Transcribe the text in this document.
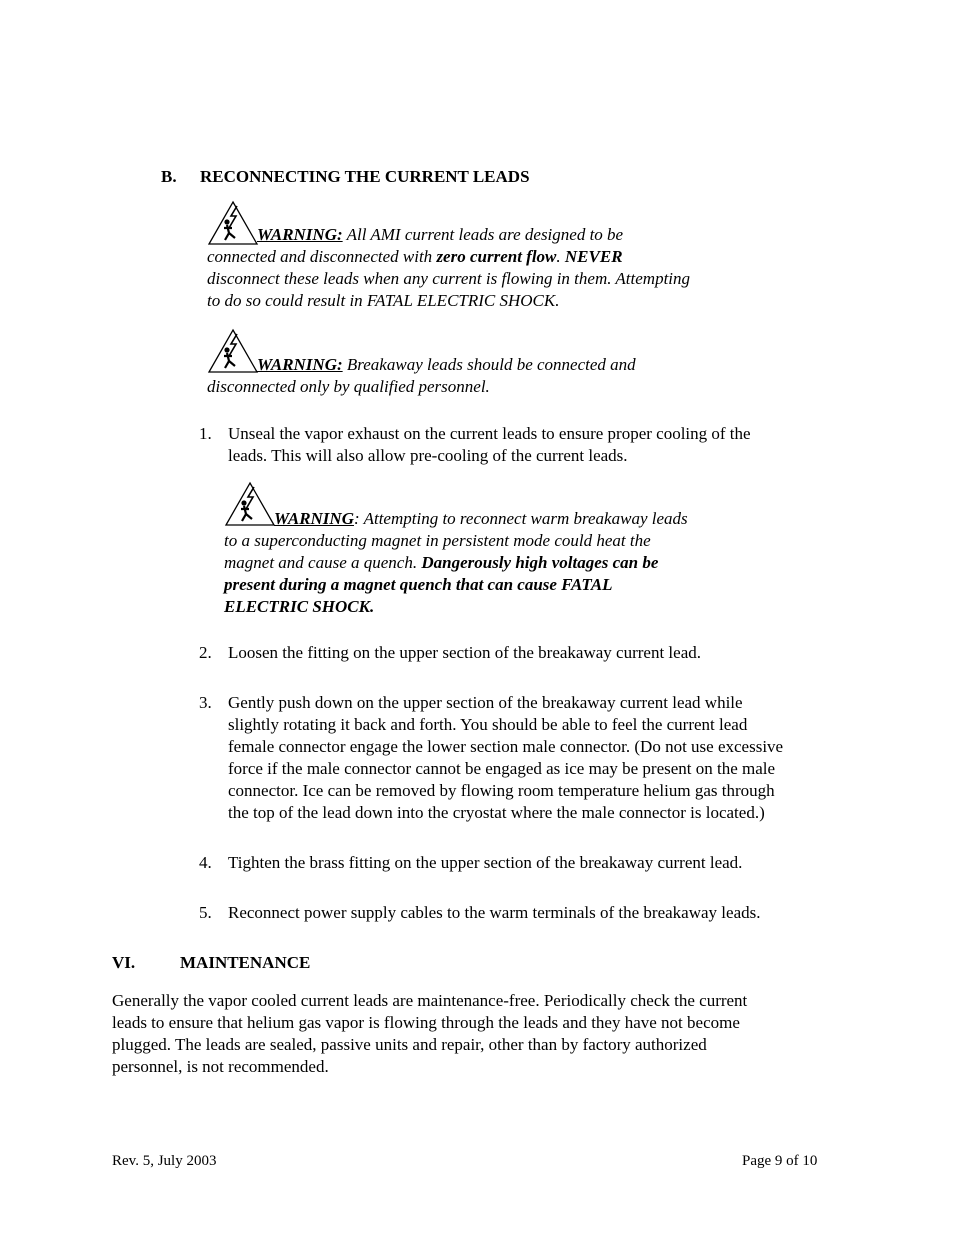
B. RECONNECTING THE CURRENT LEADS
WARNING: All AMI current leads are designed to be
connected and disconnected with zero current flow. NEVER
disconnect these leads when any current is flowing in them. Attempting
to do so could result in FATAL ELECTRIC SHOCK.
WARNING: Breakaway leads should be connected and
disconnected only by qualified personnel.
1. Unseal the vapor exhaust on the current leads to ensure proper cooling of the
leads. This will also allow pre-cooling of the current leads.
WARNING: Attempting to reconnect warm breakaway leads
to a superconducting magnet in persistent mode could heat the
magnet and cause a quench. Dangerously high voltages can be
present during a magnet quench that can cause FATAL
ELECTRIC SHOCK.
2. Loosen the fitting on the upper section of the breakaway current lead.
3. Gently push down on the upper section of the breakaway current lead while
slightly rotating it back and forth. You should be able to feel the current lead
female connector engage the lower section male connector. (Do not use excessive
force if the male connector cannot be engaged as ice may be present on the male
connector. Ice can be removed by flowing room temperature helium gas through
the top of the lead down into the cryostat where the male connector is located.)
4. Tighten the brass fitting on the upper section of the breakaway current lead.
5. Reconnect power supply cables to the warm terminals of the breakaway leads.
VI.	MAINTENANCE
Generally the vapor cooled current leads are maintenance-free. Periodically check the current
leads to ensure that helium gas vapor is flowing through the leads and they have not become
plugged. The leads are sealed, passive units and repair, other than by factory authorized
personnel, is not recommended.
Rev. 5, July 2003	Page 9 of 10
